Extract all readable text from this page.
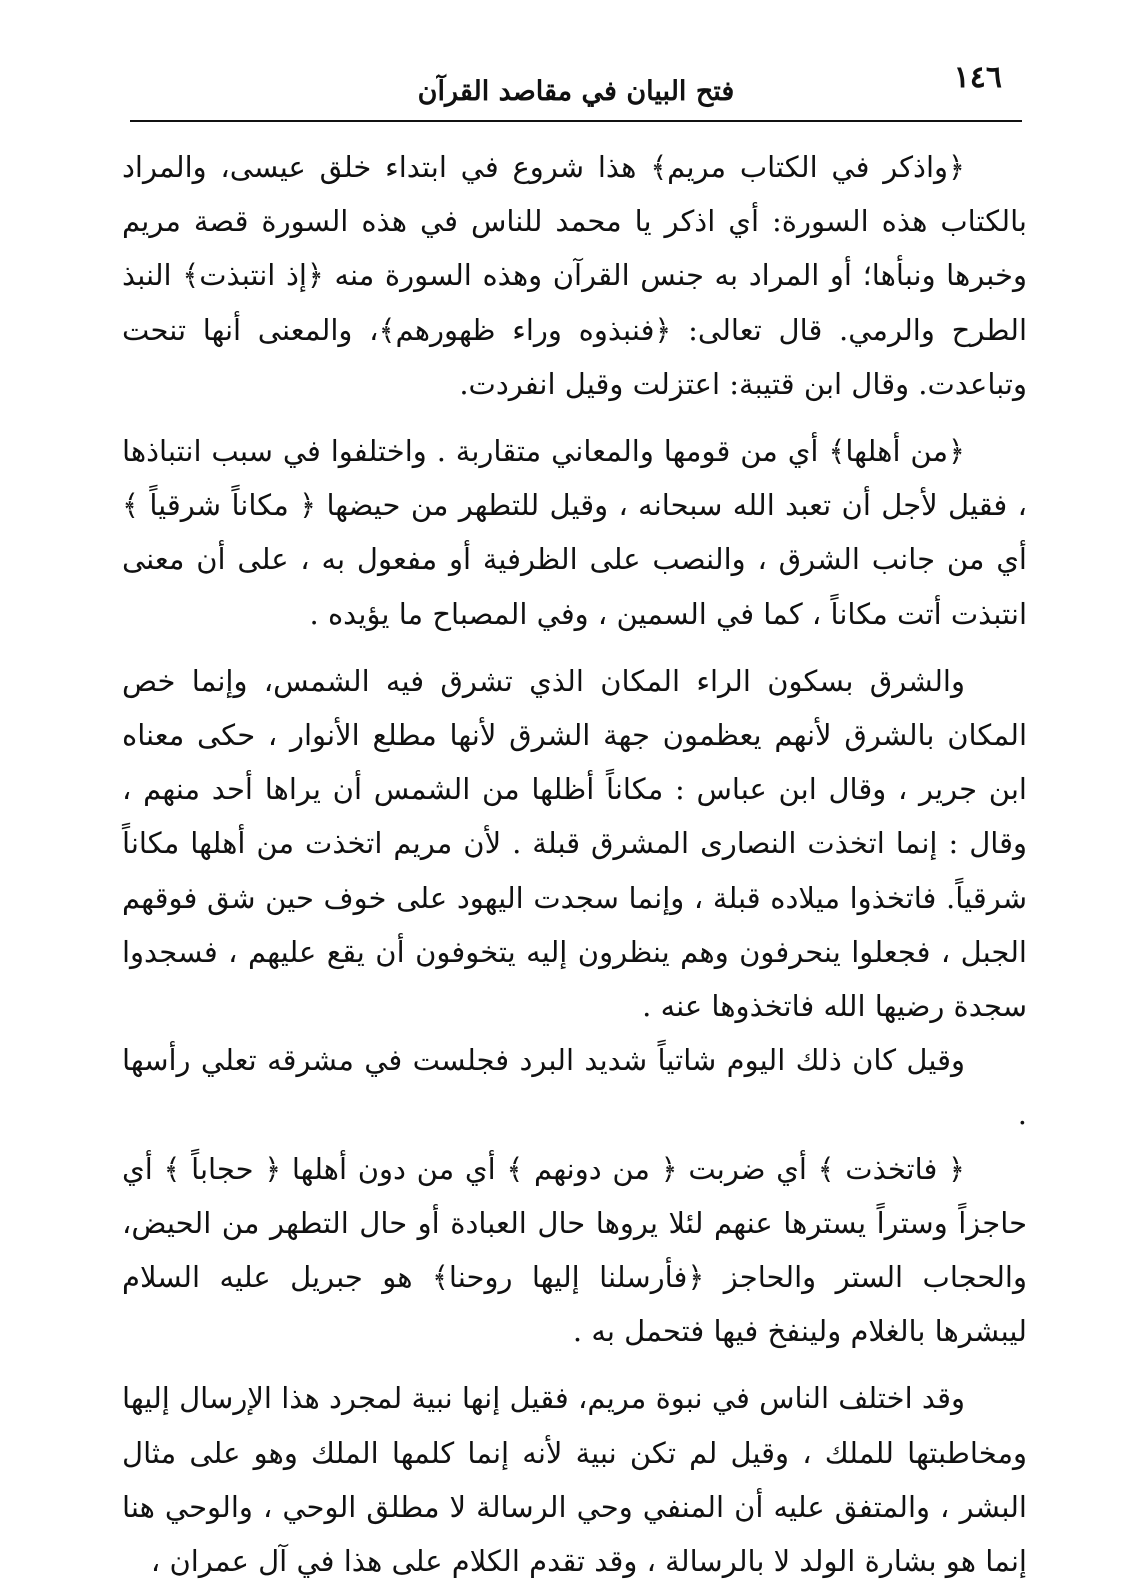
١٤٦
فتح البيان في مقاصد القرآن

﴿واذكر في الكتاب مريم﴾ هذا شروع في ابتداء خلق عيسى، والمراد بالكتاب هذه السورة: أي اذكر يا محمد للناس في هذه السورة قصة مريم وخبرها ونبأها؛ أو المراد به جنس القرآن وهذه السورة منه ﴿إذ انتبذت﴾ النبذ الطرح والرمي. قال تعالى: ﴿فنبذوه وراء ظهورهم﴾، والمعنى أنها تنحت وتباعدت. وقال ابن قتيبة: اعتزلت وقيل انفردت.

﴿من أهلها﴾ أي من قومها والمعاني متقاربة . واختلفوا في سبب انتباذها ، فقيل لأجل أن تعبد الله سبحانه ، وقيل للتطهر من حيضها ﴿ مكاناً شرقياً ﴾ أي من جانب الشرق ، والنصب على الظرفية أو مفعول به ، على أن معنى انتبذت أتت مكاناً ، كما في السمين ، وفي المصباح ما يؤيده .

والشرق بسكون الراء المكان الذي تشرق فيه الشمس، وإنما خص المكان بالشرق لأنهم يعظمون جهة الشرق لأنها مطلع الأنوار ، حكى معناه ابن جرير ، وقال ابن عباس : مكاناً أظلها من الشمس أن يراها أحد منهم ، وقال : إنما اتخذت النصارى المشرق قبلة . لأن مريم اتخذت من أهلها مكاناً شرقياً. فاتخذوا ميلاده قبلة ، وإنما سجدت اليهود على خوف حين شق فوقهم الجبل ، فجعلوا ينحرفون وهم ينظرون إليه يتخوفون أن يقع عليهم ، فسجدوا سجدة رضيها الله فاتخذوها عنه .

وقيل كان ذلك اليوم شاتياً شديد البرد فجلست في مشرقه تعلي رأسها .

﴿ فاتخذت ﴾ أي ضربت ﴿ من دونهم ﴾ أي من دون أهلها ﴿ حجاباً ﴾ أي حاجزاً وستراً يسترها عنهم لئلا يروها حال العبادة أو حال التطهر من الحيض، والحجاب الستر والحاجز ﴿فأرسلنا إليها روحنا﴾ هو جبريل عليه السلام ليبشرها بالغلام ولينفخ فيها فتحمل به .

وقد اختلف الناس في نبوة مريم، فقيل إنها نبية لمجرد هذا الإرسال إليها ومخاطبتها للملك ، وقيل لم تكن نبية لأنه إنما كلمها الملك وهو على مثال البشر ، والمتفق عليه أن المنفي وحي الرسالة لا مطلق الوحي ، والوحي هنا إنما هو بشارة الولد لا بالرسالة ، وقد تقدم الكلام على هذا في آل عمران ،
